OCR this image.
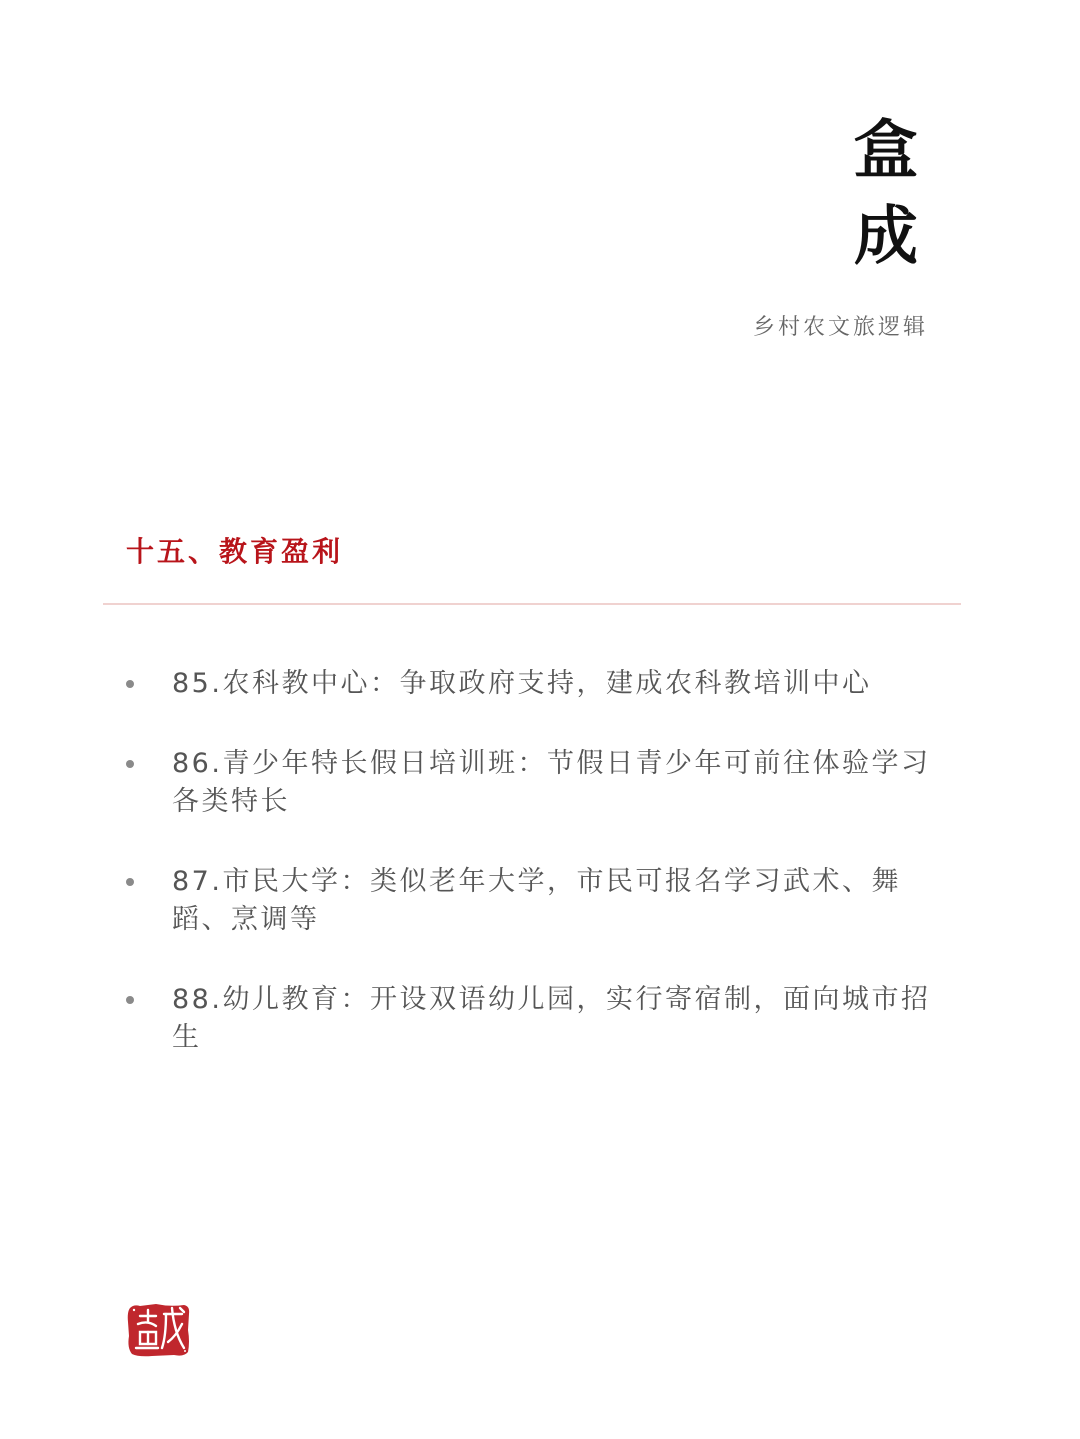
盒
成
乡村农文旅逻辑
十五、教育盈利
85.农科教中心：争取政府支持，建成农科教培训中心
86.青少年特长假日培训班：节假日青少年可前往体验学习各类特长
87.市民大学：类似老年大学，市民可报名学习武术、舞蹈、烹调等
88.幼儿教育：开设双语幼儿园，实行寄宿制，面向城市招生
